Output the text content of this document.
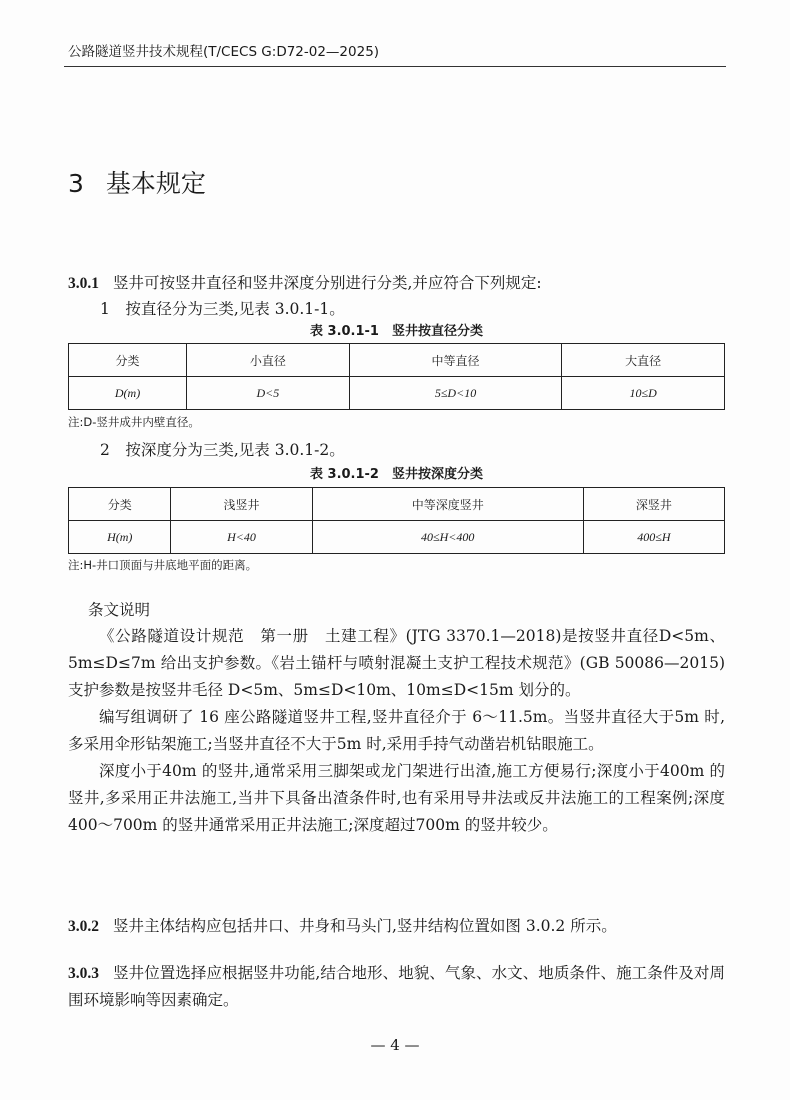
公路隧道竖井技术规程(T/CECS G:D72-02—2025)
3 基本规定
3.0.1 竖井可按竖井直径和竖井深度分别进行分类,并应符合下列规定:
1　按直径分为三类,见表 3.0.1-1。
表 3.0.1-1　竖井按直径分类
分类	小直径	中等直径	大直径
D(m)	D<5	5≤D<10	10≤D
注:D-竖井成井内壁直径。
2　按深度分为三类,见表 3.0.1-2。
表 3.0.1-2　竖井按深度分类
分类	浅竖井	中等深度竖井	深竖井
H(m)	H<40	40≤H<400	400≤H
注:H-井口顶面与井底地平面的距离。
条文说明
《公路隧道设计规范　第一册　土建工程》(JTG 3370.1—2018)是按竖井直径D<5m、5m≤D≤7m 给出支护参数。《岩土锚杆与喷射混凝土支护工程技术规范》(GB 50086—2015)支护参数是按竖井毛径 D<5m、5m≤D<10m、10m≤D<15m 划分的。
编写组调研了 16 座公路隧道竖井工程,竖井直径介于 6～11.5m。当竖井直径大于5m 时,多采用伞形钻架施工;当竖井直径不大于5m 时,采用手持气动凿岩机钻眼施工。
深度小于40m 的竖井,通常采用三脚架或龙门架进行出渣,施工方便易行;深度小于400m 的竖井,多采用正井法施工,当井下具备出渣条件时,也有采用导井法或反井法施工的工程案例;深度400～700m 的竖井通常采用正井法施工;深度超过700m 的竖井较少。
3.0.2 竖井主体结构应包括井口、井身和马头门,竖井结构位置如图 3.0.2 所示。
3.0.3 竖井位置选择应根据竖井功能,结合地形、地貌、气象、水文、地质条件、施工条件及对周围环境影响等因素确定。
— 4 —
